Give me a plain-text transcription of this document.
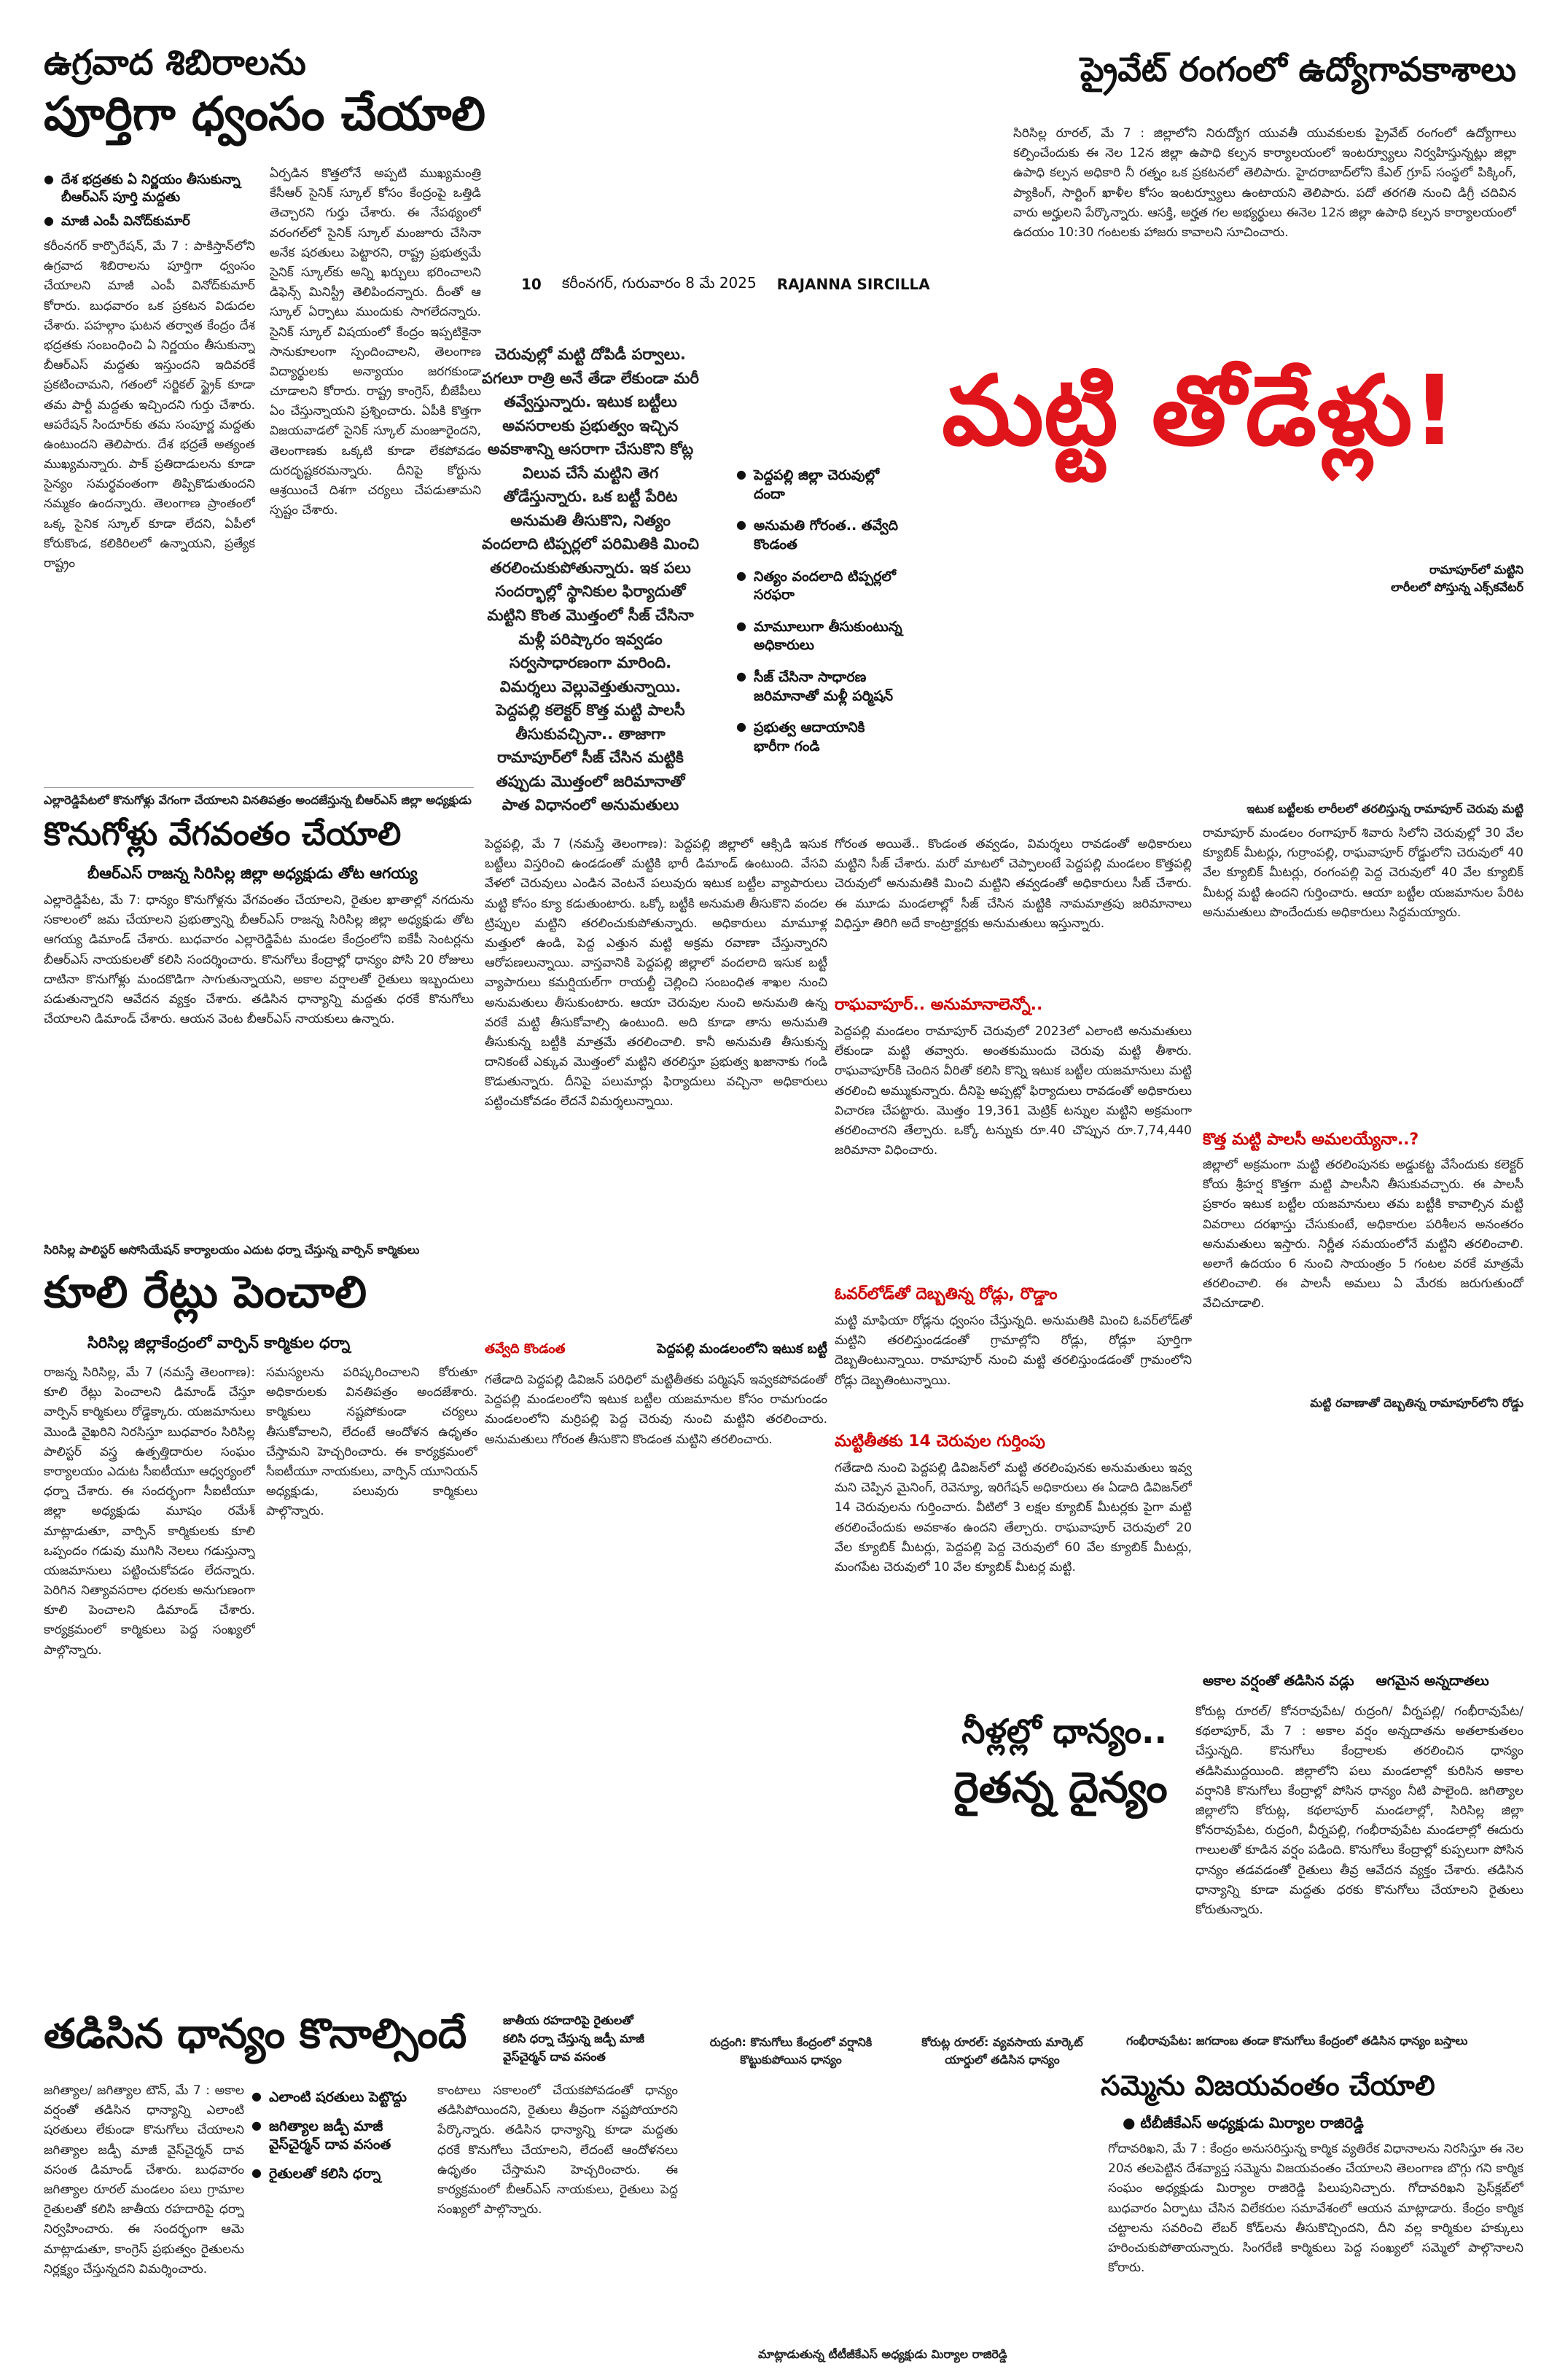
ఉగ్రవాద శిబిరాలను
పూర్తిగా ధ్వంసం చేయాలి
● దేశ భద్రతకు ఏ నిర్ణయం తీసుకున్నా బీఆర్ఎస్ పూర్తి మద్దతు
● మాజీ ఎంపీ వినోద్‌కుమార్
కరీంనగర్ కార్పొరేషన్, మే 7 : పాకిస్తాన్‌లోని ఉగ్రవాద శిబిరాలను పూర్తిగా ధ్వంసం చేయాలని మాజీ ఎంపీ వినోద్‌కుమార్ కోరారు. బుధవారం ఒక ప్రకటన విడుదల చేశారు. పహల్గాం ఘటన తర్వాత కేంద్రం దేశ భద్రతకు సంబంధించి ఏ నిర్ణయం తీసుకున్నా బీఆర్ఎస్ మద్దతు ఇస్తుందని ఇదివరకే ప్రకటించామని, గతంలో సర్జికల్ స్ట్రైక్ కూడా తమ పార్టీ మద్దతు ఇచ్చిందని గుర్తు చేశారు. ఆపరేషన్ సిందూర్‌కు తమ సంపూర్ణ మద్దతు ఉంటుందని తెలిపారు. దేశ భద్రతే అత్యంత ముఖ్యమన్నారు. పాక్ ప్రతిదాడులను కూడా సైన్యం సమర్థవంతంగా తిప్పికొడుతుందని నమ్మకం ఉందన్నారు. తెలంగాణ ప్రాంతంలో ఒక్క సైనిక స్కూల్ కూడా లేదని, ఏపీలో కోరుకొండ, కలికిరిలలో ఉన్నాయని, ప్రత్యేక రాష్ట్రం
ఏర్పడిన కొత్తలోనే అప్పటి ముఖ్యమంత్రి కేసీఆర్ సైనిక్ స్కూల్ కోసం కేంద్రంపై ఒత్తిడి తెచ్చారని గుర్తు చేశారు. ఈ నేపథ్యంలో వరంగల్‌లో సైనిక్ స్కూల్ మంజూరు చేసినా అనేక షరతులు పెట్టారని, రాష్ట్ర ప్రభుత్వమే సైనిక్ స్కూల్‌కు అన్ని ఖర్చులు భరించాలని డిఫెన్స్ మినిస్ట్రీ తెలిపిందన్నారు. దీంతో ఆ స్కూల్ ఏర్పాటు ముందుకు సాగలేదన్నారు. సైనిక్ స్కూల్ విషయంలో కేంద్రం ఇప్పటికైనా సానుకూలంగా స్పందించాలని, తెలంగాణ విద్యార్థులకు అన్యాయం జరగకుండా చూడాలని కోరారు. రాష్ట్ర కాంగ్రెస్, బీజేపీలు ఏం చేస్తున్నాయని ప్రశ్నించారు. ఏపీకి కొత్తగా విజయవాడలో సైనిక్ స్కూల్ మంజూరైందని, తెలంగాణకు ఒక్కటి కూడా లేకపోవడం దురదృష్టకరమన్నారు. దీనిపై కోర్టును ఆశ్రయించే దిశగా చర్యలు చేపడుతామని స్పష్టం చేశారు.
10 కరీంనగర్, గురువారం 8 మే 2025 RAJANNA SIRCILLA
ప్రైవేట్ రంగంలో ఉద్యోగావకాశాలు
సిరిసిల్ల రూరల్, మే 7 : జిల్లాలోని నిరుద్యోగ యువతీ యువకులకు ప్రైవేట్ రంగంలో ఉద్యోగాలు కల్పించేందుకు ఈ నెల 12న జిల్లా ఉపాధి కల్పన కార్యాలయంలో ఇంటర్వ్యూలు నిర్వహిస్తున్నట్లు జిల్లా ఉపాధి కల్పన అధికారి నీ రత్నం ఒక ప్రకటనలో తెలిపారు. హైదరాబాద్‌లోని కేఎల్ గ్రూప్ సంస్థలో పిక్కింగ్, ప్యాకింగ్, సార్టింగ్ ఖాళీల కోసం ఇంటర్వ్యూలు ఉంటాయని తెలిపారు. పదో తరగతి నుంచి డిగ్రీ చదివిన వారు అర్హులని పేర్కొన్నారు. ఆసక్తి, అర్హత గల అభ్యర్థులు ఈనెల 12న జిల్లా ఉపాధి కల్పన కార్యాలయంలో ఉదయం 10:30 గంటలకు హాజరు కావాలని సూచించారు.
మట్టి తోడేళ్లు!
రామాపూర్‌లో మట్టిని
లారీలలో పోస్తున్న ఎక్స్‌కవేటర్
చెరువుల్లో మట్టి దోపిడీ పర్వాలు. పగలూ రాత్రి అనే తేడా లేకుండా మరీ తవ్వేస్తున్నారు. ఇటుక బట్టీలు అవసరాలకు ప్రభుత్వం ఇచ్చిన అవకాశాన్ని ఆసరాగా చేసుకొని కోట్ల విలువ చేసే మట్టిని తెగ తోడేస్తున్నారు. ఒక బట్టీ పేరిట అనుమతి తీసుకొని, నిత్యం వందలాది టిప్పర్లలో పరిమితికి మించి తరలించుకుపోతున్నారు. ఇక పలు సందర్భాల్లో స్థానికుల ఫిర్యాదుతో మట్టిని కొంత మొత్తంలో సీజ్ చేసినా మళ్లీ పరిష్కారం ఇవ్వడం సర్వసాధారణంగా మారింది. విమర్శలు వెల్లువెత్తుతున్నాయి. పెద్దపల్లి కలెక్టర్ కొత్త మట్టి పాలసీ తీసుకువచ్చినా.. తాజాగా రామాపూర్‌లో సీజ్ చేసిన మట్టికి తప్పుడు మొత్తంలో జరిమానాతో పాత విధానంలో అనుమతులు
● పెద్దపల్లి జిల్లా చెరువుల్లో దందా
● అనుమతి గోరంత.. తవ్వేది కొండంత
● నిత్యం వందలాది టిప్పర్లలో సరఫరా
● మామూలుగా తీసుకుంటున్న అధికారులు
● సీజ్ చేసినా సాధారణ జరిమానాతో మళ్లీ పర్మిషన్
● ప్రభుత్వ ఆదాయానికి భారీగా గండి
ఎల్లారెడ్డిపేటలో కొనుగోళ్లు వేగంగా చేయాలని వినతిపత్రం అందజేస్తున్న బీఆర్ఎస్ జిల్లా అధ్యక్షుడు
కొనుగోళ్లు వేగవంతం చేయాలి
బీఆర్ఎస్ రాజన్న సిరిసిల్ల జిల్లా అధ్యక్షుడు తోట ఆగయ్య
ఎల్లారెడ్డిపేట, మే 7: ధాన్యం కొనుగోళ్లను వేగవంతం చేయాలని, రైతుల ఖాతాల్లో నగదును సకాలంలో జమ చేయాలని ప్రభుత్వాన్ని బీఆర్ఎస్ రాజన్న సిరిసిల్ల జిల్లా అధ్యక్షుడు తోట ఆగయ్య డిమాండ్ చేశారు. బుధవారం ఎల్లారెడ్డిపేట మండల కేంద్రంలోని ఐకేపీ సెంటర్లను బీఆర్ఎస్ నాయకులతో కలిసి సందర్శించారు. కొనుగోలు కేంద్రాల్లో ధాన్యం పోసి 20 రోజులు దాటినా కొనుగోళ్లు మందకొడిగా సాగుతున్నాయని, అకాల వర్షాలతో రైతులు ఇబ్బందులు పడుతున్నారని ఆవేదన వ్యక్తం చేశారు. తడిసిన ధాన్యాన్ని మద్దతు ధరకే కొనుగోలు చేయాలని డిమాండ్ చేశారు. ఆయన వెంట బీఆర్ఎస్ నాయకులు ఉన్నారు.
పెద్దపల్లి, మే 7 (నమస్తే తెలంగాణ): పెద్దపల్లి జిల్లాలో ఆక్సిడి ఇసుక బట్టీలు విస్తరించి ఉండడంతో మట్టికి భారీ డిమాండ్ ఉంటుంది. వేసవి వేళలో చెరువులు ఎండిన వెంటనే పలువురు ఇటుక బట్టీల వ్యాపారులు మట్టి కోసం క్యూ కడుతుంటారు. ఒక్కో బట్టీకి అనుమతి తీసుకొని వందల ట్రిప్పుల మట్టిని తరలించుకుపోతున్నారు. అధికారులు మామూళ్ల మత్తులో ఉండి, పెద్ద ఎత్తున మట్టి అక్రమ రవాణా చేస్తున్నారని ఆరోపణలున్నాయి. వాస్తవానికి పెద్దపల్లి జిల్లాలో వందలాది ఇసుక బట్టీ వ్యాపారులు కమర్షియల్‌గా రాయల్టీ చెల్లించి సంబంధిత శాఖల నుంచి అనుమతులు తీసుకుంటారు. ఆయా చెరువుల నుంచి అనుమతి ఉన్న వరకే మట్టి తీసుకోవాల్సి ఉంటుంది. అది కూడా తాను అనుమతి తీసుకున్న బట్టీకి మాత్రమే తరలించాలి. కానీ అనుమతి తీసుకున్న దానికంటే ఎక్కువ మొత్తంలో మట్టిని తరలిస్తూ ప్రభుత్వ ఖజానాకు గండి కొడుతున్నారు. దీనిపై పలుమార్లు ఫిర్యాదులు వచ్చినా అధికారులు పట్టించుకోవడం లేదనే విమర్శలున్నాయి.
గోరంత అయితే.. కొండంత తవ్వడం, విమర్శలు రావడంతో అధికారులు మట్టిని సీజ్ చేశారు. మరో మాటలో చెప్పాలంటే పెద్దపల్లి మండలం కొత్తపల్లి చెరువులో అనుమతికి మించి మట్టిని తవ్వడంతో అధికారులు సీజ్ చేశారు. ఈ మూడు మండలాల్లో సీజ్ చేసిన మట్టికి నామమాత్రపు జరిమానాలు విధిస్తూ తిరిగి అదే కాంట్రాక్టర్లకు అనుమతులు ఇస్తున్నారు.
రాఘవాపూర్.. అనుమానాలెన్నో..
పెద్దపల్లి మండలం రామాపూర్ చెరువులో 2023లో ఎలాంటి అనుమతులు లేకుండా మట్టి తవ్వారు. అంతకుముందు చెరువు మట్టి తీశారు. రాఘవాపూర్‌కి చెందిన వీరితో కలిసి కొన్ని ఇటుక బట్టీల యజమానులు మట్టి తరలించి అమ్ముకున్నారు. దీనిపై అప్పట్లో ఫిర్యాదులు రావడంతో అధికారులు విచారణ చేపట్టారు. మొత్తం 19,361 మెట్రిక్ టన్నుల మట్టిని అక్రమంగా తరలించారని తేల్చారు. ఒక్కో టన్నుకు రూ.40 చొప్పున రూ.7,74,440 జరిమానా విధించారు.
ఓవర్‌లోడ్‌తో దెబ్బతిన్న రోడ్లు, రొడ్డాం
మట్టి మాఫియా రోడ్లను ధ్వంసం చేస్తున్నది. అనుమతికి మించి ఓవర్‌లోడ్‌తో మట్టిని తరలిస్తుండడంతో గ్రామాల్లోని రోడ్లు, రోడ్లూ పూర్తిగా దెబ్బతింటున్నాయి. రామాపూర్ నుంచి మట్టి తరలిస్తుండడంతో గ్రామంలోని రోడ్లు దెబ్బతింటున్నాయి.
మట్టితీతకు 14 చెరువుల గుర్తింపు
గతేడాది నుంచి పెద్దపల్లి డివిజన్‌లో మట్టి తరలింపునకు అనుమతులు ఇవ్వ మని చెప్పిన మైనింగ్, రెవెన్యూ, ఇరిగేషన్ అధికారులు ఈ ఏడాది డివిజన్‌లో 14 చెరువులను గుర్తించారు. వీటిలో 3 లక్షల క్యూబిక్ మీటర్లకు పైగా మట్టి తరలించేందుకు అవకాశం ఉందని తేల్చారు. రాఘవాపూర్ చెరువులో 20 వేల క్యూబిక్ మీటర్లు, పెద్దపల్లి పెద్ద చెరువులో 60 వేల క్యూబిక్ మీటర్లు, మంగపేట చెరువులో 10 వేల క్యూబిక్ మీటర్ల మట్టి.
ఇటుక బట్టీలకు లారీలలో తరలిస్తున్న రామాపూర్ చెరువు మట్టి
రామాపూర్ మండలం రంగాపూర్ శివారు సిలోని చెరువుల్లో 30 వేల క్యూబిక్ మీటర్లు, గుర్రాంపల్లి, రాఘవాపూర్ రోడ్డులోని చెరువులో 40 వేల క్యూబిక్ మీటర్లు, రంగంపల్లి పెద్ద చెరువులో 40 వేల క్యూబిక్ మీటర్ల మట్టి ఉందని గుర్తించారు. ఆయా బట్టీల యజమానుల పేరిట అనుమతులు పొందేందుకు అధికారులు సిద్ధమయ్యారు.
కొత్త మట్టి పాలసీ అమలయ్యేనా..?
జిల్లాలో అక్రమంగా మట్టి తరలింపునకు అడ్డుకట్ట వేసేందుకు కలెక్టర్ కోయ శ్రీహర్ష కొత్తగా మట్టి పాలసీని తీసుకువచ్చారు. ఈ పాలసీ ప్రకారం ఇటుక బట్టీల యజమానులు తమ బట్టీకి కావాల్సిన మట్టి వివరాలు దరఖాస్తు చేసుకుంటే, అధికారుల పరిశీలన అనంతరం అనుమతులు ఇస్తారు. నిర్ణీత సమయంలోనే మట్టిని తరలించాలి. అలాగే ఉదయం 6 నుంచి సాయంత్రం 5 గంటల వరకే మాత్రమే తరలించాలి. ఈ పాలసీ అమలు ఏ మేరకు జరుగుతుందో వేచిచూడాలి.
మట్టి రవాణాతో దెబ్బతిన్న రామాపూర్‌లోని రోడ్డు
సిరిసిల్ల పాలిస్టర్ అసోసియేషన్ కార్యాలయం ఎదుట ధర్నా చేస్తున్న వార్పిన్ కార్మికులు
కూలి రేట్లు పెంచాలి
సిరిసిల్ల జిల్లాకేంద్రంలో వార్పిన్ కార్మికుల ధర్నా
రాజన్న సిరిసిల్ల, మే 7 (నమస్తే తెలంగాణ): కూలి రేట్లు పెంచాలని డిమాండ్ చేస్తూ వార్పిన్ కార్మికులు రోడ్డెక్కారు. యజమానులు మొండి వైఖరిని నిరసిస్తూ బుధవారం సిరిసిల్ల పాలిస్టర్ వస్త్ర ఉత్పత్తిదారుల సంఘం కార్యాలయం ఎదుట సీఐటీయూ ఆధ్వర్యంలో ధర్నా చేశారు. ఈ సందర్భంగా సీఐటీయూ జిల్లా అధ్యక్షుడు మూషం రమేశ్ మాట్లాడుతూ, వార్పిన్ కార్మికులకు కూలి ఒప్పందం గడువు ముగిసి నెలలు గడుస్తున్నా యజమానులు పట్టించుకోవడం లేదన్నారు. పెరిగిన నిత్యావసరాల ధరలకు అనుగుణంగా కూలి పెంచాలని డిమాండ్ చేశారు. కార్యక్రమంలో కార్మికులు పెద్ద సంఖ్యలో పాల్గొన్నారు.
సమస్యలను పరిష్కరించాలని కోరుతూ అధికారులకు వినతిపత్రం అందజేశారు. కార్మికులు నష్టపోకుండా చర్యలు తీసుకోవాలని, లేదంటే ఆందోళన ఉధృతం చేస్తామని హెచ్చరించారు. ఈ కార్యక్రమంలో సీఐటీయూ నాయకులు, వార్పిన్ యూనియన్ అధ్యక్షుడు, పలువురు కార్మికులు పాల్గొన్నారు.
తవ్వేది కొండంత	పెద్దపల్లి మండలంలోని ఇటుక బట్టీ
గతేడాది పెద్దపల్లి డివిజన్ పరిధిలో మట్టితీతకు పర్మిషన్ ఇవ్వకపోవడంతో పెద్దపల్లి మండలంలోని ఇటుక బట్టీల యజమానుల కోసం రామగుండం మండలంలోని మర్రిపల్లి పెద్ద చెరువు నుంచి మట్టిని తరలించారు. అనుమతులు గోరంత తీసుకొని కొండంత మట్టిని తరలించారు.
నీళ్లల్లో ధాన్యం..
రైతన్న దైన్యం
అకాల వర్షంతో తడిసిన వడ్లు ఆగమైన అన్నదాతలు
కోరుట్ల రూరల్/ కోనరావుపేట/ రుద్రంగి/ వీర్నపల్లి/ గంభీరావుపేట/ కథలాపూర్, మే 7 : అకాల వర్షం అన్నదాతను అతలాకుతలం చేస్తున్నది. కొనుగోలు కేంద్రాలకు తరలించిన ధాన్యం తడిసిముద్దయింది. జిల్లాలోని పలు మండలాల్లో కురిసిన అకాల వర్షానికి కొనుగోలు కేంద్రాల్లో పోసిన ధాన్యం నీటి పాలైంది. జగిత్యాల జిల్లాలోని కోరుట్ల, కథలాపూర్ మండలాల్లో, సిరిసిల్ల జిల్లా కోనరావుపేట, రుద్రంగి, వీర్నపల్లి, గంభీరావుపేట మండలాల్లో ఈదురు గాలులతో కూడిన వర్షం పడింది. కొనుగోలు కేంద్రాల్లో కుప్పలుగా పోసిన ధాన్యం తడవడంతో రైతులు తీవ్ర ఆవేదన వ్యక్తం చేశారు. తడిసిన ధాన్యాన్ని కూడా మద్దతు ధరకు కొనుగోలు చేయాలని రైతులు కోరుతున్నారు.
తడిసిన ధాన్యం కొనాల్సిందే	జాతీయ రహదారిపై రైతులతో
కలిసి ధర్నా చేస్తున్న జడ్పీ మాజీ
వైస్‌చైర్మన్ దావ వసంత
జగిత్యాల/ జగిత్యాల టౌన్, మే 7 : అకాల వర్షంతో తడిసిన ధాన్యాన్ని ఎలాంటి షరతులు లేకుండా కొనుగోలు చేయాలని జగిత్యాల జడ్పీ మాజీ వైస్‌చైర్మన్ దావ వసంత డిమాండ్ చేశారు. బుధవారం జగిత్యాల రూరల్ మండలం పలు గ్రామాల రైతులతో కలిసి జాతీయ రహదారిపై ధర్నా నిర్వహించారు. ఈ సందర్భంగా ఆమె మాట్లాడుతూ, కాంగ్రెస్ ప్రభుత్వం రైతులను నిర్లక్ష్యం చేస్తున్నదని విమర్శించారు.
● ఎలాంటి షరతులు పెట్టొద్దు
● జగిత్యాల జడ్పీ మాజీ వైస్‌చైర్మన్ దావ వసంత
● రైతులతో కలిసి ధర్నా
కాంటాలు సకాలంలో చేయకపోవడంతో ధాన్యం తడిసిపోయిందని, రైతులు తీవ్రంగా నష్టపోయారని పేర్కొన్నారు. తడిసిన ధాన్యాన్ని కూడా మద్దతు ధరకే కొనుగోలు చేయాలని, లేదంటే ఆందోళనలు ఉధృతం చేస్తామని హెచ్చరించారు. ఈ కార్యక్రమంలో బీఆర్ఎస్ నాయకులు, రైతులు పెద్ద సంఖ్యలో పాల్గొన్నారు.
రుద్రంగి: కొనుగోలు కేంద్రంలో వర్షానికి కొట్టుకుపోయిన ధాన్యం
కోరుట్ల రూరల్: వ్యవసాయ మార్కెట్ యార్డులో తడిసిన ధాన్యం
గంభీరావుపేట: జగదాంబ తండా కొనుగోలు కేంద్రంలో తడిసిన ధాన్యం బస్తాలు
మాట్లాడుతున్న టీటీజీకేఎస్ అధ్యక్షుడు మిర్యాల రాజిరెడ్డి
సమ్మెను విజయవంతం చేయాలి
● టీబీజీకేఎస్ అధ్యక్షుడు మిర్యాల రాజిరెడ్డి
గోదావరిఖని, మే 7 : కేంద్రం అనుసరిస్తున్న కార్మిక వ్యతిరేక విధానాలను నిరసిస్తూ ఈ నెల 20న తలపెట్టిన దేశవ్యాప్త సమ్మెను విజయవంతం చేయాలని తెలంగాణ బొగ్గు గని కార్మిక సంఘం అధ్యక్షుడు మిర్యాల రాజిరెడ్డి పిలుపునిచ్చారు. గోదావరిఖని ప్రెస్‌క్లబ్‌లో బుధవారం ఏర్పాటు చేసిన విలేకరుల సమావేశంలో ఆయన మాట్లాడారు. కేంద్రం కార్మిక చట్టాలను సవరించి లేబర్ కోడ్‌లను తీసుకొచ్చిందని, దీని వల్ల కార్మికుల హక్కులు హరించుకుపోతాయన్నారు. సింగరేణి కార్మికులు పెద్ద సంఖ్యలో సమ్మెలో పాల్గొనాలని కోరారు.
